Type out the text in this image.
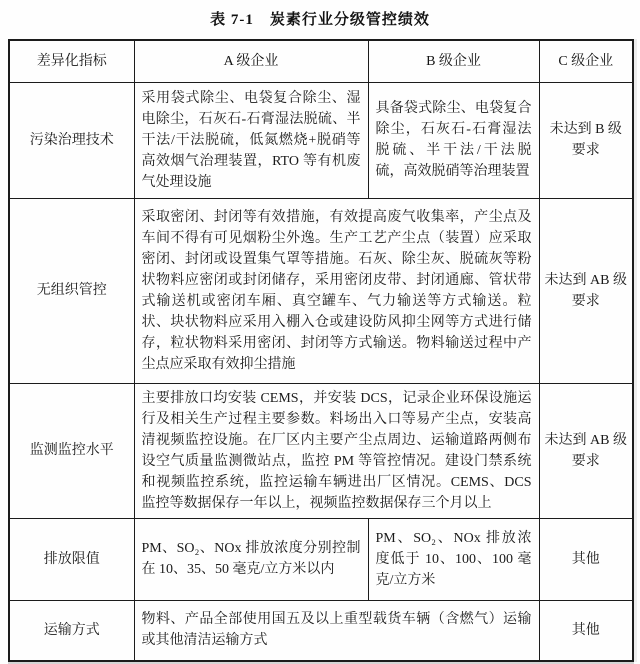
表 7-1　炭素行业分级管控绩效
差异化指标	A 级企业	B 级企业	C 级企业
污染治理技术	采用袋式除尘、电袋复合除尘、湿电除尘，石灰石-石膏湿法脱硫、半干法/干法脱硫，低氮燃烧+脱硝等高效烟气治理装置，RTO 等有机废气处理设施	具备袋式除尘、电袋复合除尘，石灰石-石膏湿法脱硫、半干法/干法脱硫，高效脱硝等治理装置	未达到 B 级要求
无组织管控	采取密闭、封闭等有效措施，有效提高废气收集率，产尘点及车间不得有可见烟粉尘外逸。生产工艺产尘点（装置）应采取密闭、封闭或设置集气罩等措施。石灰、除尘灰、脱硫灰等粉状物料应密闭或封闭储存，采用密闭皮带、封闭通廊、管状带式输送机或密闭车厢、真空罐车、气力输送等方式输送。粒状、块状物料应采用入棚入仓或建设防风抑尘网等方式进行储存，粒状物料采用密闭、封闭等方式输送。物料输送过程中产尘点应采取有效抑尘措施		未达到 AB 级要求
监测监控水平	主要排放口均安装 CEMS，并安装 DCS，记录企业环保设施运行及相关生产过程主要参数。料场出入口等易产尘点，安装高清视频监控设施。在厂区内主要产尘点周边、运输道路两侧布设空气质量监测微站点，监控 PM 等管控情况。建设门禁系统和视频监控系统，监控运输车辆进出厂区情况。CEMS、DCS 监控等数据保存一年以上，视频监控数据保存三个月以上		未达到 AB 级要求
排放限值	PM、SO₂、NOx 排放浓度分别控制在 10、35、50 毫克/立方米以内	PM、SO₂、NOx 排放浓度低于 10、100、100 毫克/立方米	其他
运输方式	物料、产品全部使用国五及以上重型载货车辆（含燃气）运输或其他清洁运输方式		其他
